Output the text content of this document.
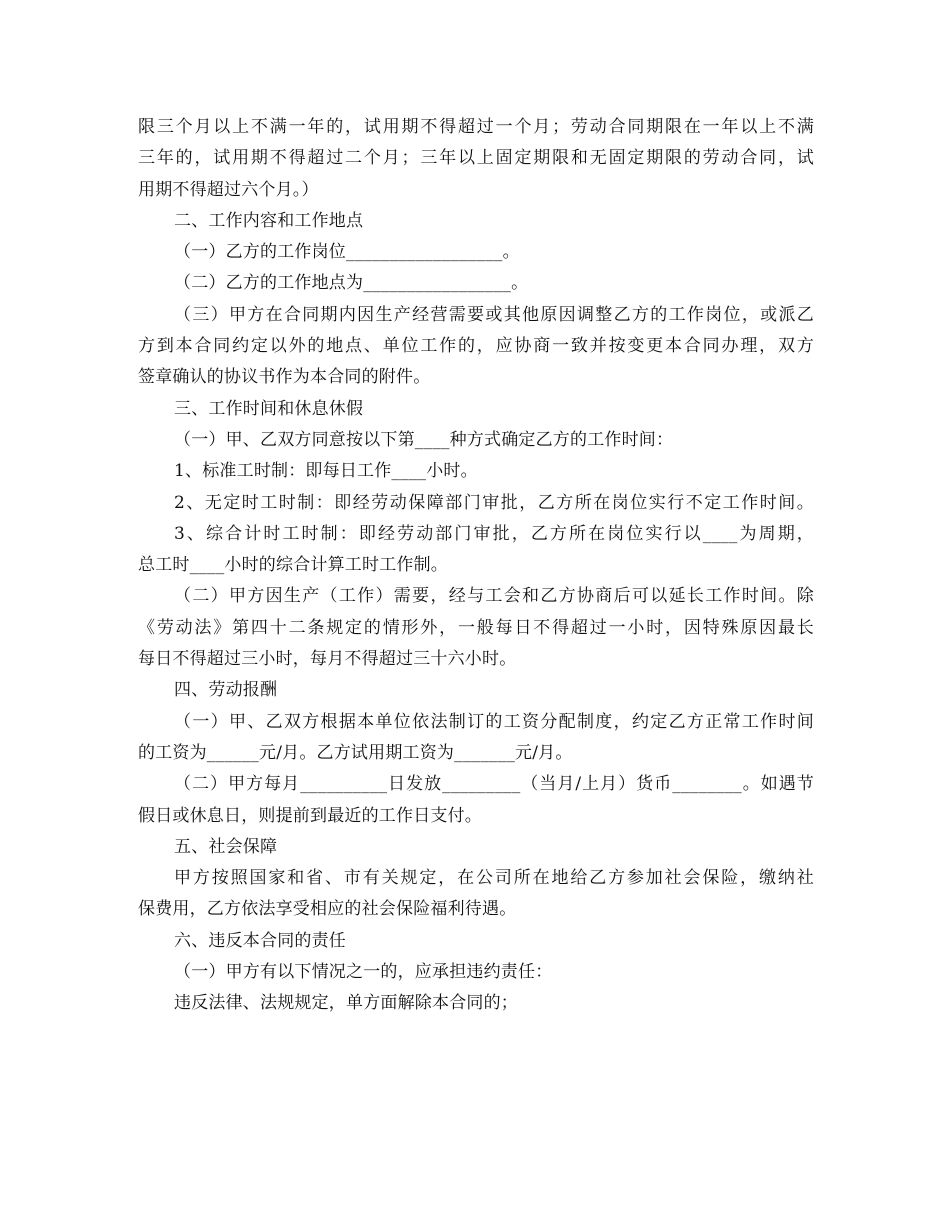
限三个月以上不满一年的，试用期不得超过一个月；劳动合同期限在一年以上不满
三年的，试用期不得超过二个月；三年以上固定期限和无固定期限的劳动合同，试
用期不得超过六个月。）
二、工作内容和工作地点
（一）乙方的工作岗位__________________。
（二）乙方的工作地点为_________________。
（三）甲方在合同期内因生产经营需要或其他原因调整乙方的工作岗位，或派乙
方到本合同约定以外的地点、单位工作的，应协商一致并按变更本合同办理，双方
签章确认的协议书作为本合同的附件。
三、工作时间和休息休假
（一）甲、乙双方同意按以下第____种方式确定乙方的工作时间：
1、标准工时制：即每日工作____小时。
2、无定时工时制：即经劳动保障部门审批，乙方所在岗位实行不定工作时间。
3、综合计时工时制：即经劳动部门审批，乙方所在岗位实行以____为周期，
总工时____小时的综合计算工时工作制。
（二）甲方因生产（工作）需要，经与工会和乙方协商后可以延长工作时间。除
《劳动法》第四十二条规定的情形外，一般每日不得超过一小时，因特殊原因最长
每日不得超过三小时，每月不得超过三十六小时。
四、劳动报酬
（一）甲、乙双方根据本单位依法制订的工资分配制度，约定乙方正常工作时间
的工资为______元/月。乙方试用期工资为_______元/月。
（二）甲方每月__________日发放_________（当月/上月）货币________。如遇节
假日或休息日，则提前到最近的工作日支付。
五、社会保障
甲方按照国家和省、市有关规定，在公司所在地给乙方参加社会保险，缴纳社
保费用，乙方依法享受相应的社会保险福利待遇。
六、违反本合同的责任
（一）甲方有以下情况之一的，应承担违约责任：
违反法律、法规规定，单方面解除本合同的；
